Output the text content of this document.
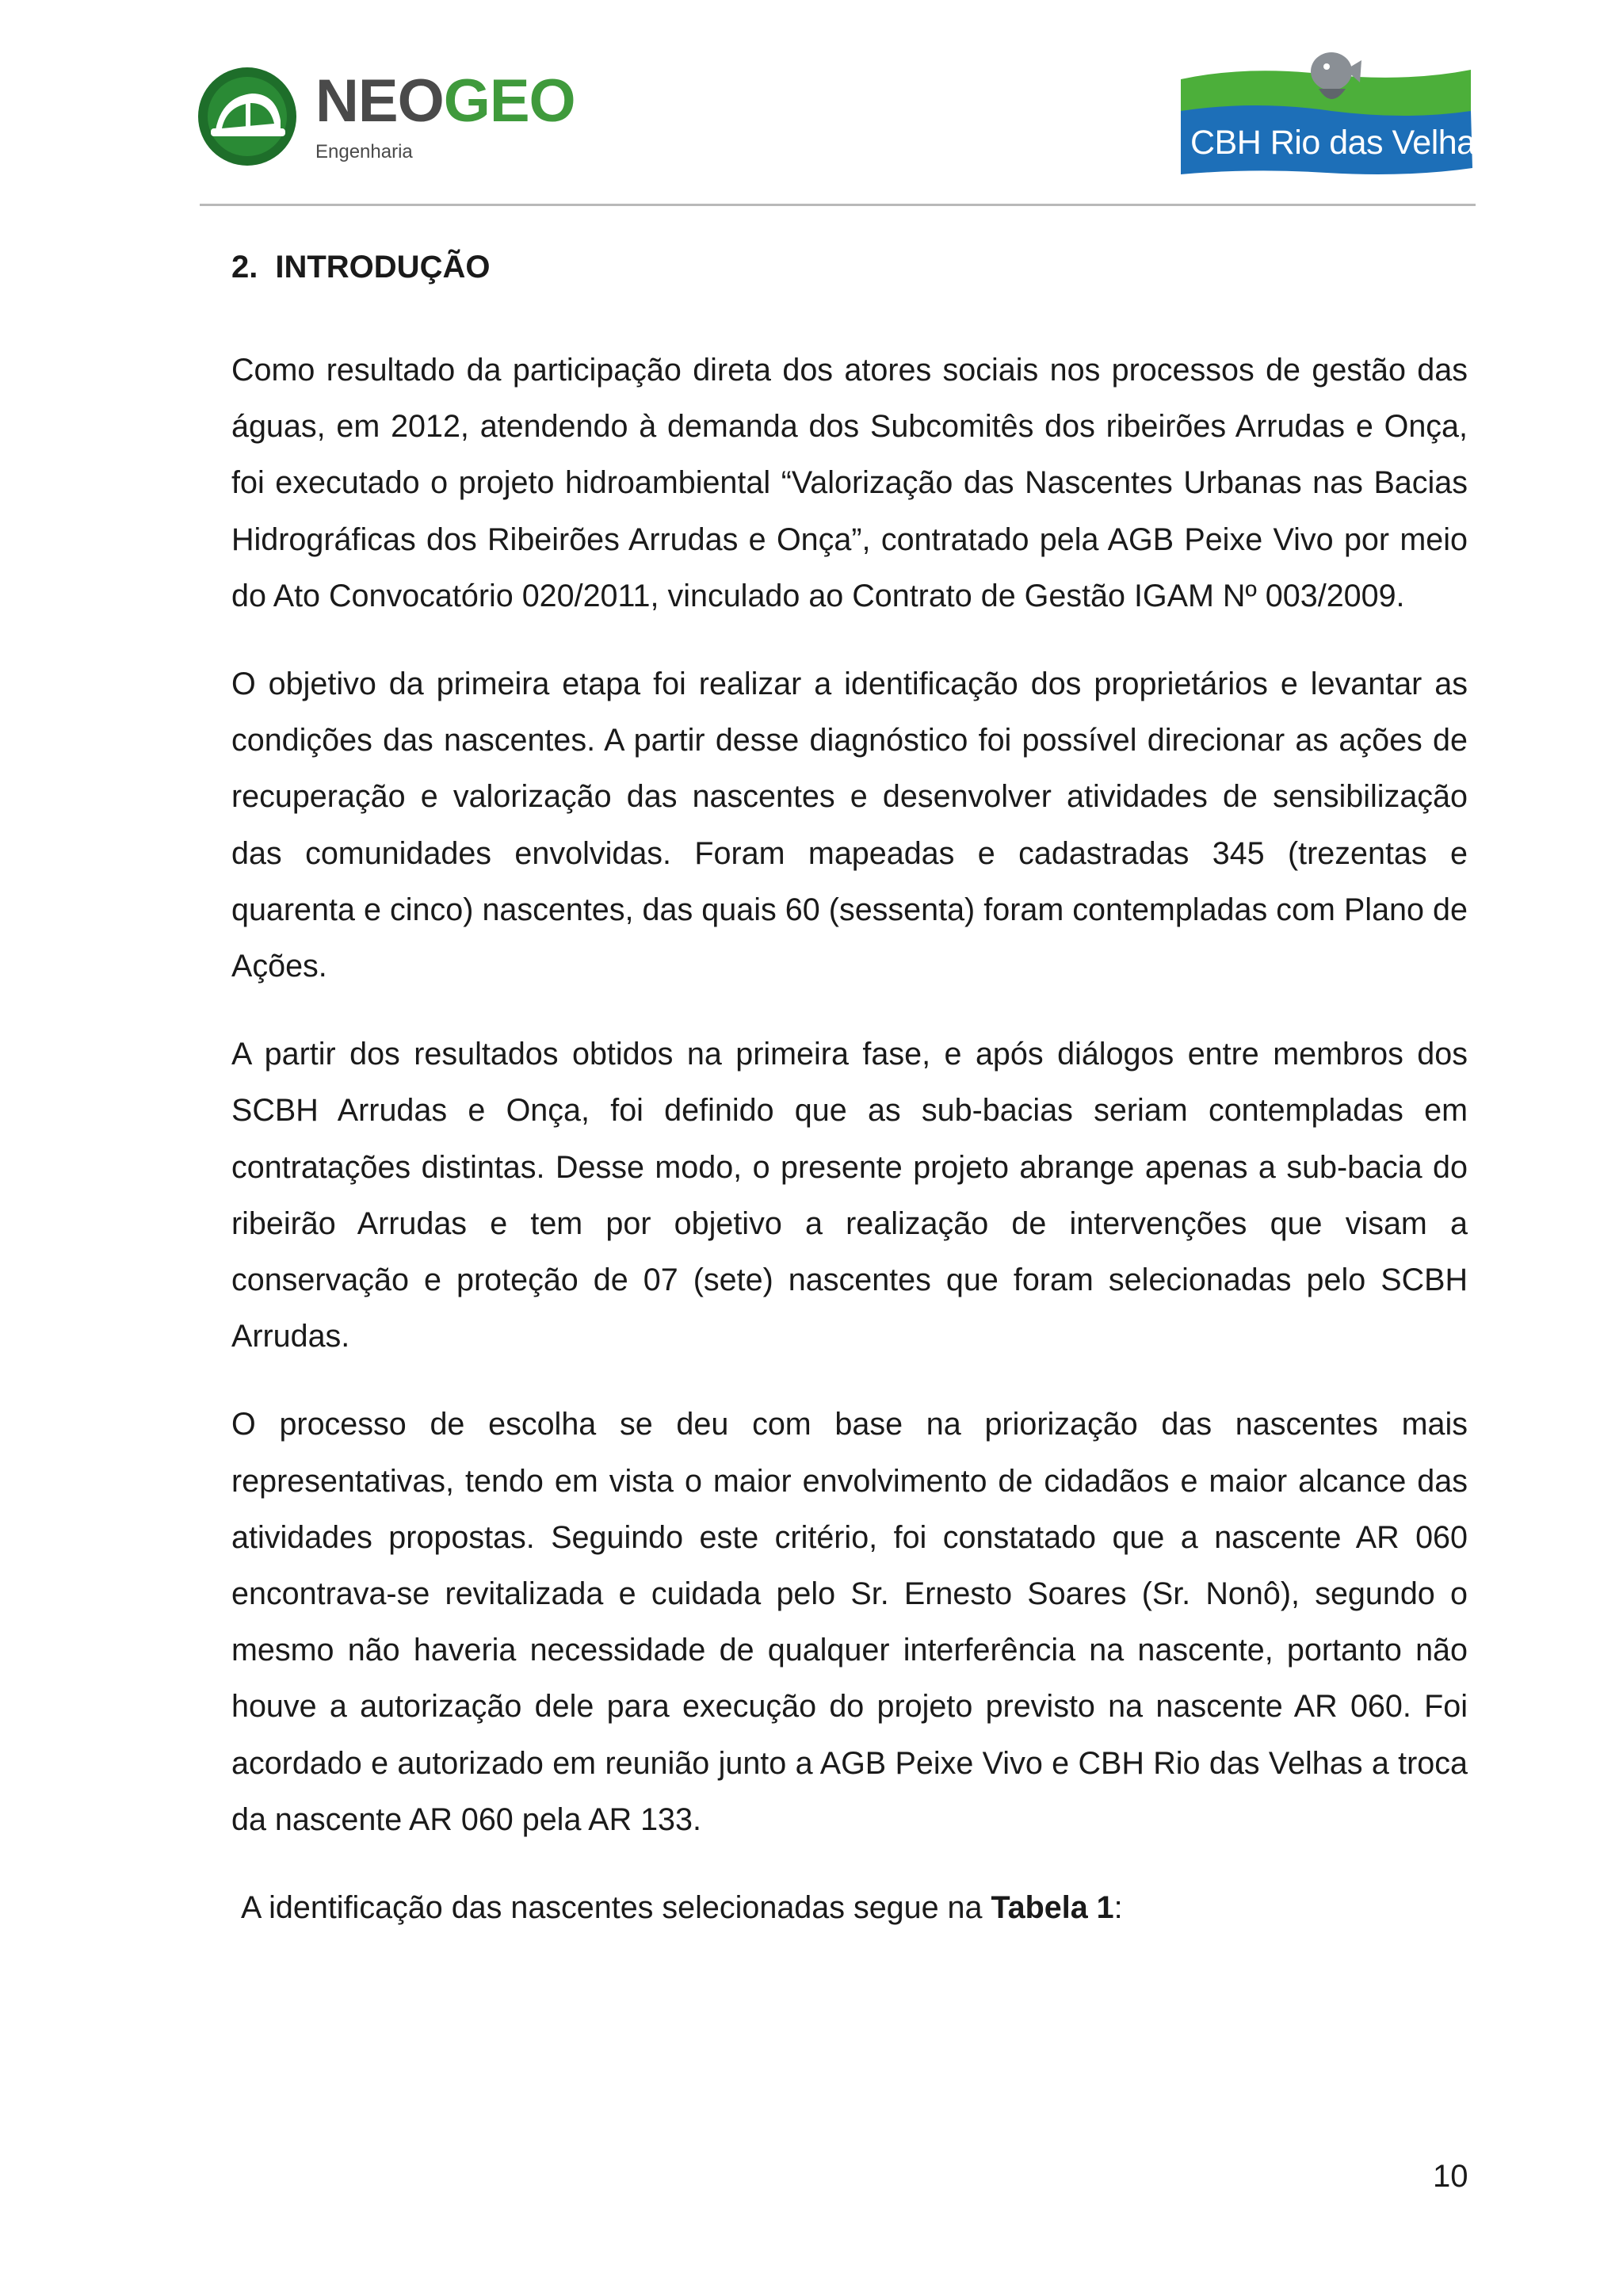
NEOGEO
Engenharia	CBH Rio das Velhas
2. INTRODUÇÃO

Como resultado da participação direta dos atores sociais nos processos de gestão das águas, em 2012, atendendo à demanda dos Subcomitês dos ribeirões Arrudas e Onça, foi executado o projeto hidroambiental “Valorização das Nascentes Urbanas nas Bacias Hidrográficas dos Ribeirões Arrudas e Onça”, contratado pela AGB Peixe Vivo por meio do Ato Convocatório 020/2011, vinculado ao Contrato de Gestão IGAM Nº 003/2009.

O objetivo da primeira etapa foi realizar a identificação dos proprietários e levantar as condições das nascentes. A partir desse diagnóstico foi possível direcionar as ações de recuperação e valorização das nascentes e desenvolver atividades de sensibilização das comunidades envolvidas. Foram mapeadas e cadastradas 345 (trezentas e quarenta e cinco) nascentes, das quais 60 (sessenta) foram contempladas com Plano de Ações.

A partir dos resultados obtidos na primeira fase, e após diálogos entre membros dos SCBH Arrudas e Onça, foi definido que as sub-bacias seriam contempladas em contratações distintas. Desse modo, o presente projeto abrange apenas a sub-bacia do ribeirão Arrudas e tem por objetivo a realização de intervenções que visam a conservação e proteção de 07 (sete) nascentes que foram selecionadas pelo SCBH Arrudas.

O processo de escolha se deu com base na priorização das nascentes mais representativas, tendo em vista o maior envolvimento de cidadãos e maior alcance das atividades propostas. Seguindo este critério, foi constatado que a nascente AR 060 encontrava-se revitalizada e cuidada pelo Sr. Ernesto Soares (Sr. Nonô), segundo o mesmo não haveria necessidade de qualquer interferência na nascente, portanto não houve a autorização dele para execução do projeto previsto na nascente AR 060. Foi acordado e autorizado em reunião junto a AGB Peixe Vivo e CBH Rio das Velhas a troca da nascente AR 060 pela AR 133.

A identificação das nascentes selecionadas segue na Tabela 1:

10
